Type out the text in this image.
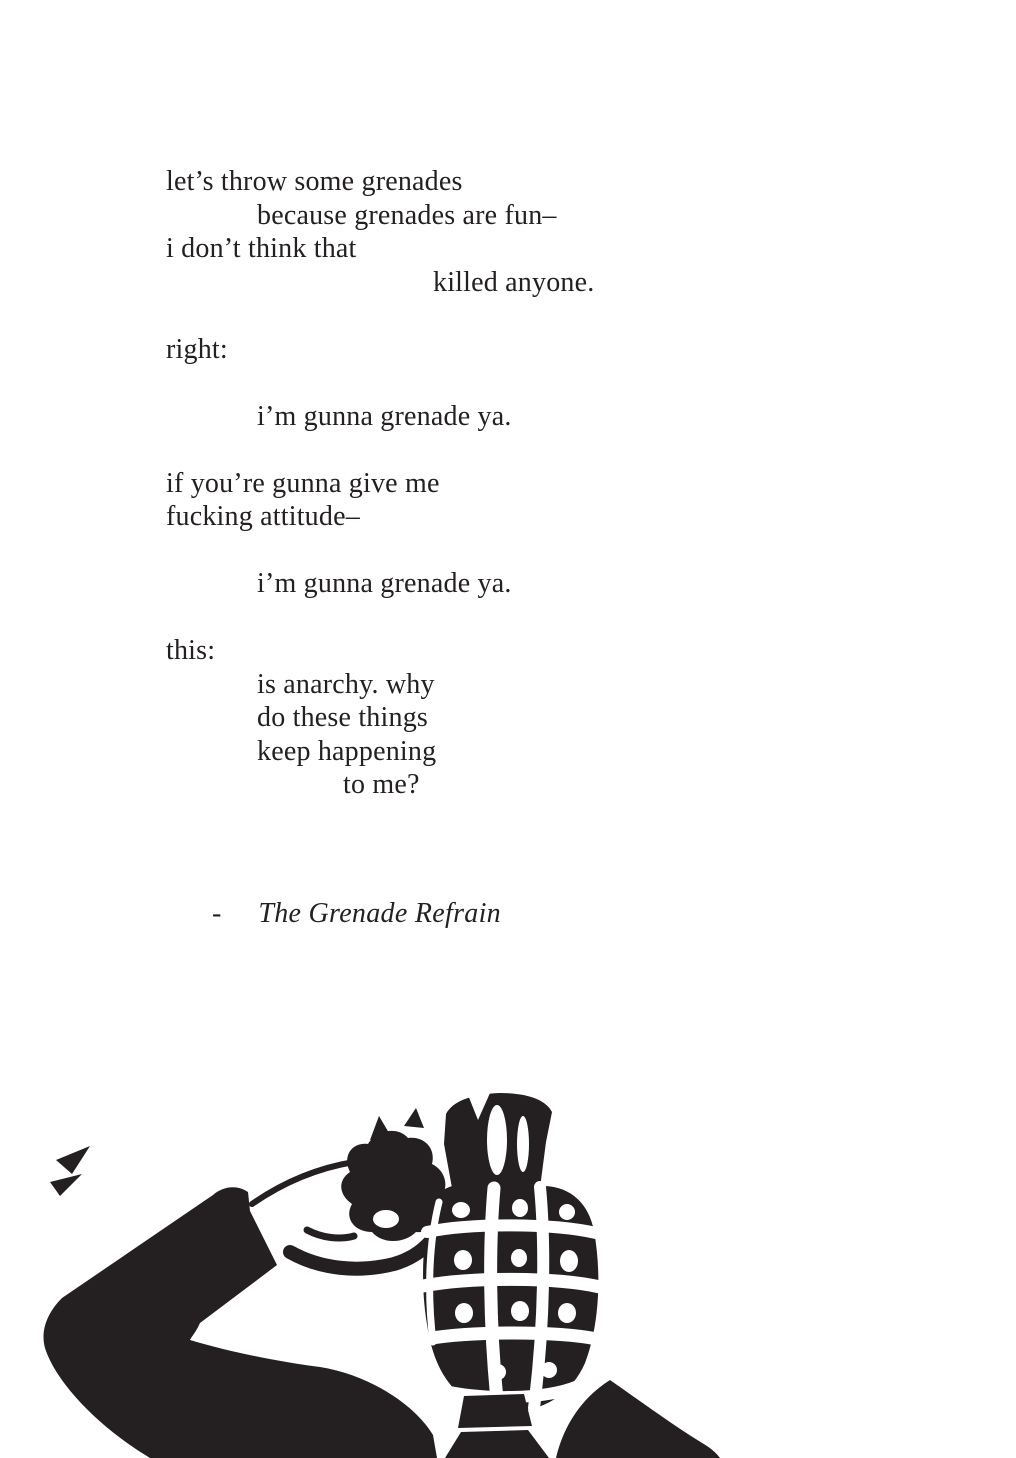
let’s throw some grenades
because grenades are fun–
i don’t think that
killed anyone.

right:

i’m gunna grenade ya.

if you’re gunna give me
fucking attitude–

i’m gunna grenade ya.

this:
is anarchy. why
do these things
keep happening
to me?
- The Grenade Refrain
